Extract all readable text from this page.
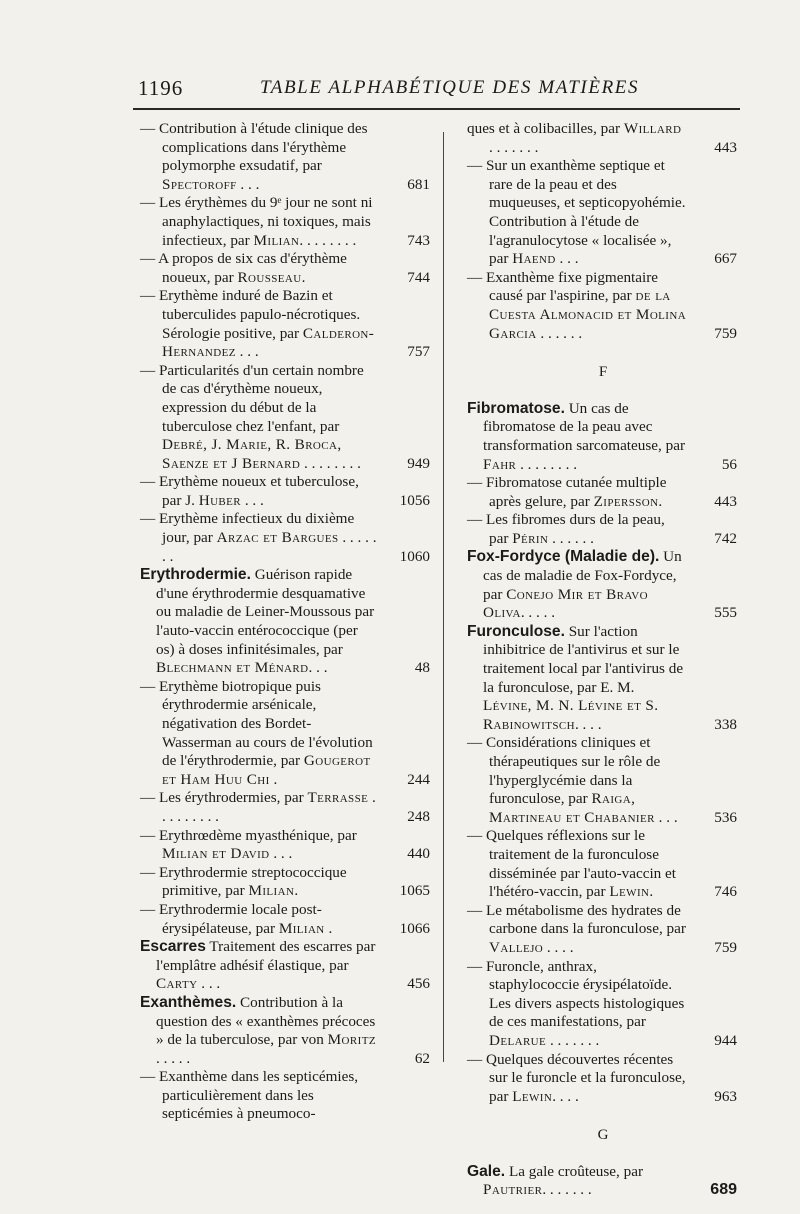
1196	TABLE ALPHABÉTIQUE DES MATIÈRES
— Contribution à l'étude clinique des complications dans l'érythème polymorphe exsudatif, par Spectoroff . . .	681
— Les érythèmes du 9ᵉ jour ne sont ni anaphylactiques, ni toxiques, mais infectieux, par Milian. . . . . . . .	743
— A propos de six cas d'érythème noueux, par Rousseau.	744
— Erythème induré de Bazin et tuberculides papulo-nécrotiques. Sérologie positive, par Calderon-Hernandez . . .	757
— Particularités d'un certain nombre de cas d'érythème noueux, expression du début de la tuberculose chez l'enfant, par Debré, J. Marie, R. Broca, Saenze et J Bernard . . . . . . . .	949
— Erythème noueux et tuberculose, par J. Huber . . .	1056
— Erythème infectieux du dixième jour, par Arzac et Bargues . . . . . . .	1060
Erythrodermie. Guérison rapide d'une érythrodermie desquamative ou maladie de Leiner-Moussous par l'auto-vaccin entérococcique (per os) à doses infinitésimales, par Blechmann et Ménard. . .	48
— Erythème biotropique puis érythrodermie arsénicale, négativation des Bordet-Wasserman au cours de l'évolution de l'érythrodermie, par Gougerot et Ham Huu Chi .	244
— Les érythrodermies, par Terrasse . . . . . . . . .	248
— Erythrœdème myasthénique, par Milian et David . . .	440
— Erythrodermie streptococcique primitive, par Milian.	1065
— Erythrodermie locale post-érysipélateuse, par Milian .	1066
Escarres Traitement des escarres par l'emplâtre adhésif élastique, par Carty . . .	456
Exanthèmes. Contribution à la question des « exanthèmes précoces » de la tuberculose, par von Moritz . . . . .	62
— Exanthème dans les septicémies, particulièrement dans les septicémies à pneumoco-
ques et à colibacilles, par Willard . . . . . . .	443
— Sur un exanthème septique et rare de la peau et des muqueuses, et septicopyohémie. Contribution à l'étude de l'agranulocytose « localisée », par Haend . . .	667
— Exanthème fixe pigmentaire causé par l'aspirine, par de la Cuesta Almonacid et Molina Garcia . . . . . .	759
F
Fibromatose. Un cas de fibromatose de la peau avec transformation sarcomateuse, par Fahr . . . . . . . .	56
— Fibromatose cutanée multiple après gelure, par Zipersson.	443
— Les fibromes durs de la peau, par Périn . . . . . .	742
Fox-Fordyce (Maladie de). Un cas de maladie de Fox-Fordyce, par Conejo Mir et Bravo Oliva. . . . .	555
Furonculose. Sur l'action inhibitrice de l'antivirus et sur le traitement local par l'antivirus de la furonculose, par E. M. Lévine, M. N. Lévine et S. Rabinowitsch. . . .	338
— Considérations cliniques et thérapeutiques sur le rôle de l'hyperglycémie dans la furonculose, par Raiga, Martineau et Chabanier . . .	536
— Quelques réflexions sur le traitement de la furonculose disséminée par l'auto-vaccin et l'hétéro-vaccin, par Lewin.	746
— Le métabolisme des hydrates de carbone dans la furonculose, par Vallejo . . . .	759
— Furoncle, anthrax, staphylococcie érysipélatoïde. Les divers aspects histologiques de ces manifestations, par Delarue . . . . . . .	944
— Quelques découvertes récentes sur le furoncle et la furonculose, par Lewin. . . .	963
G
Gale. La gale croûteuse, par Pautrier. . . . . . .	689
